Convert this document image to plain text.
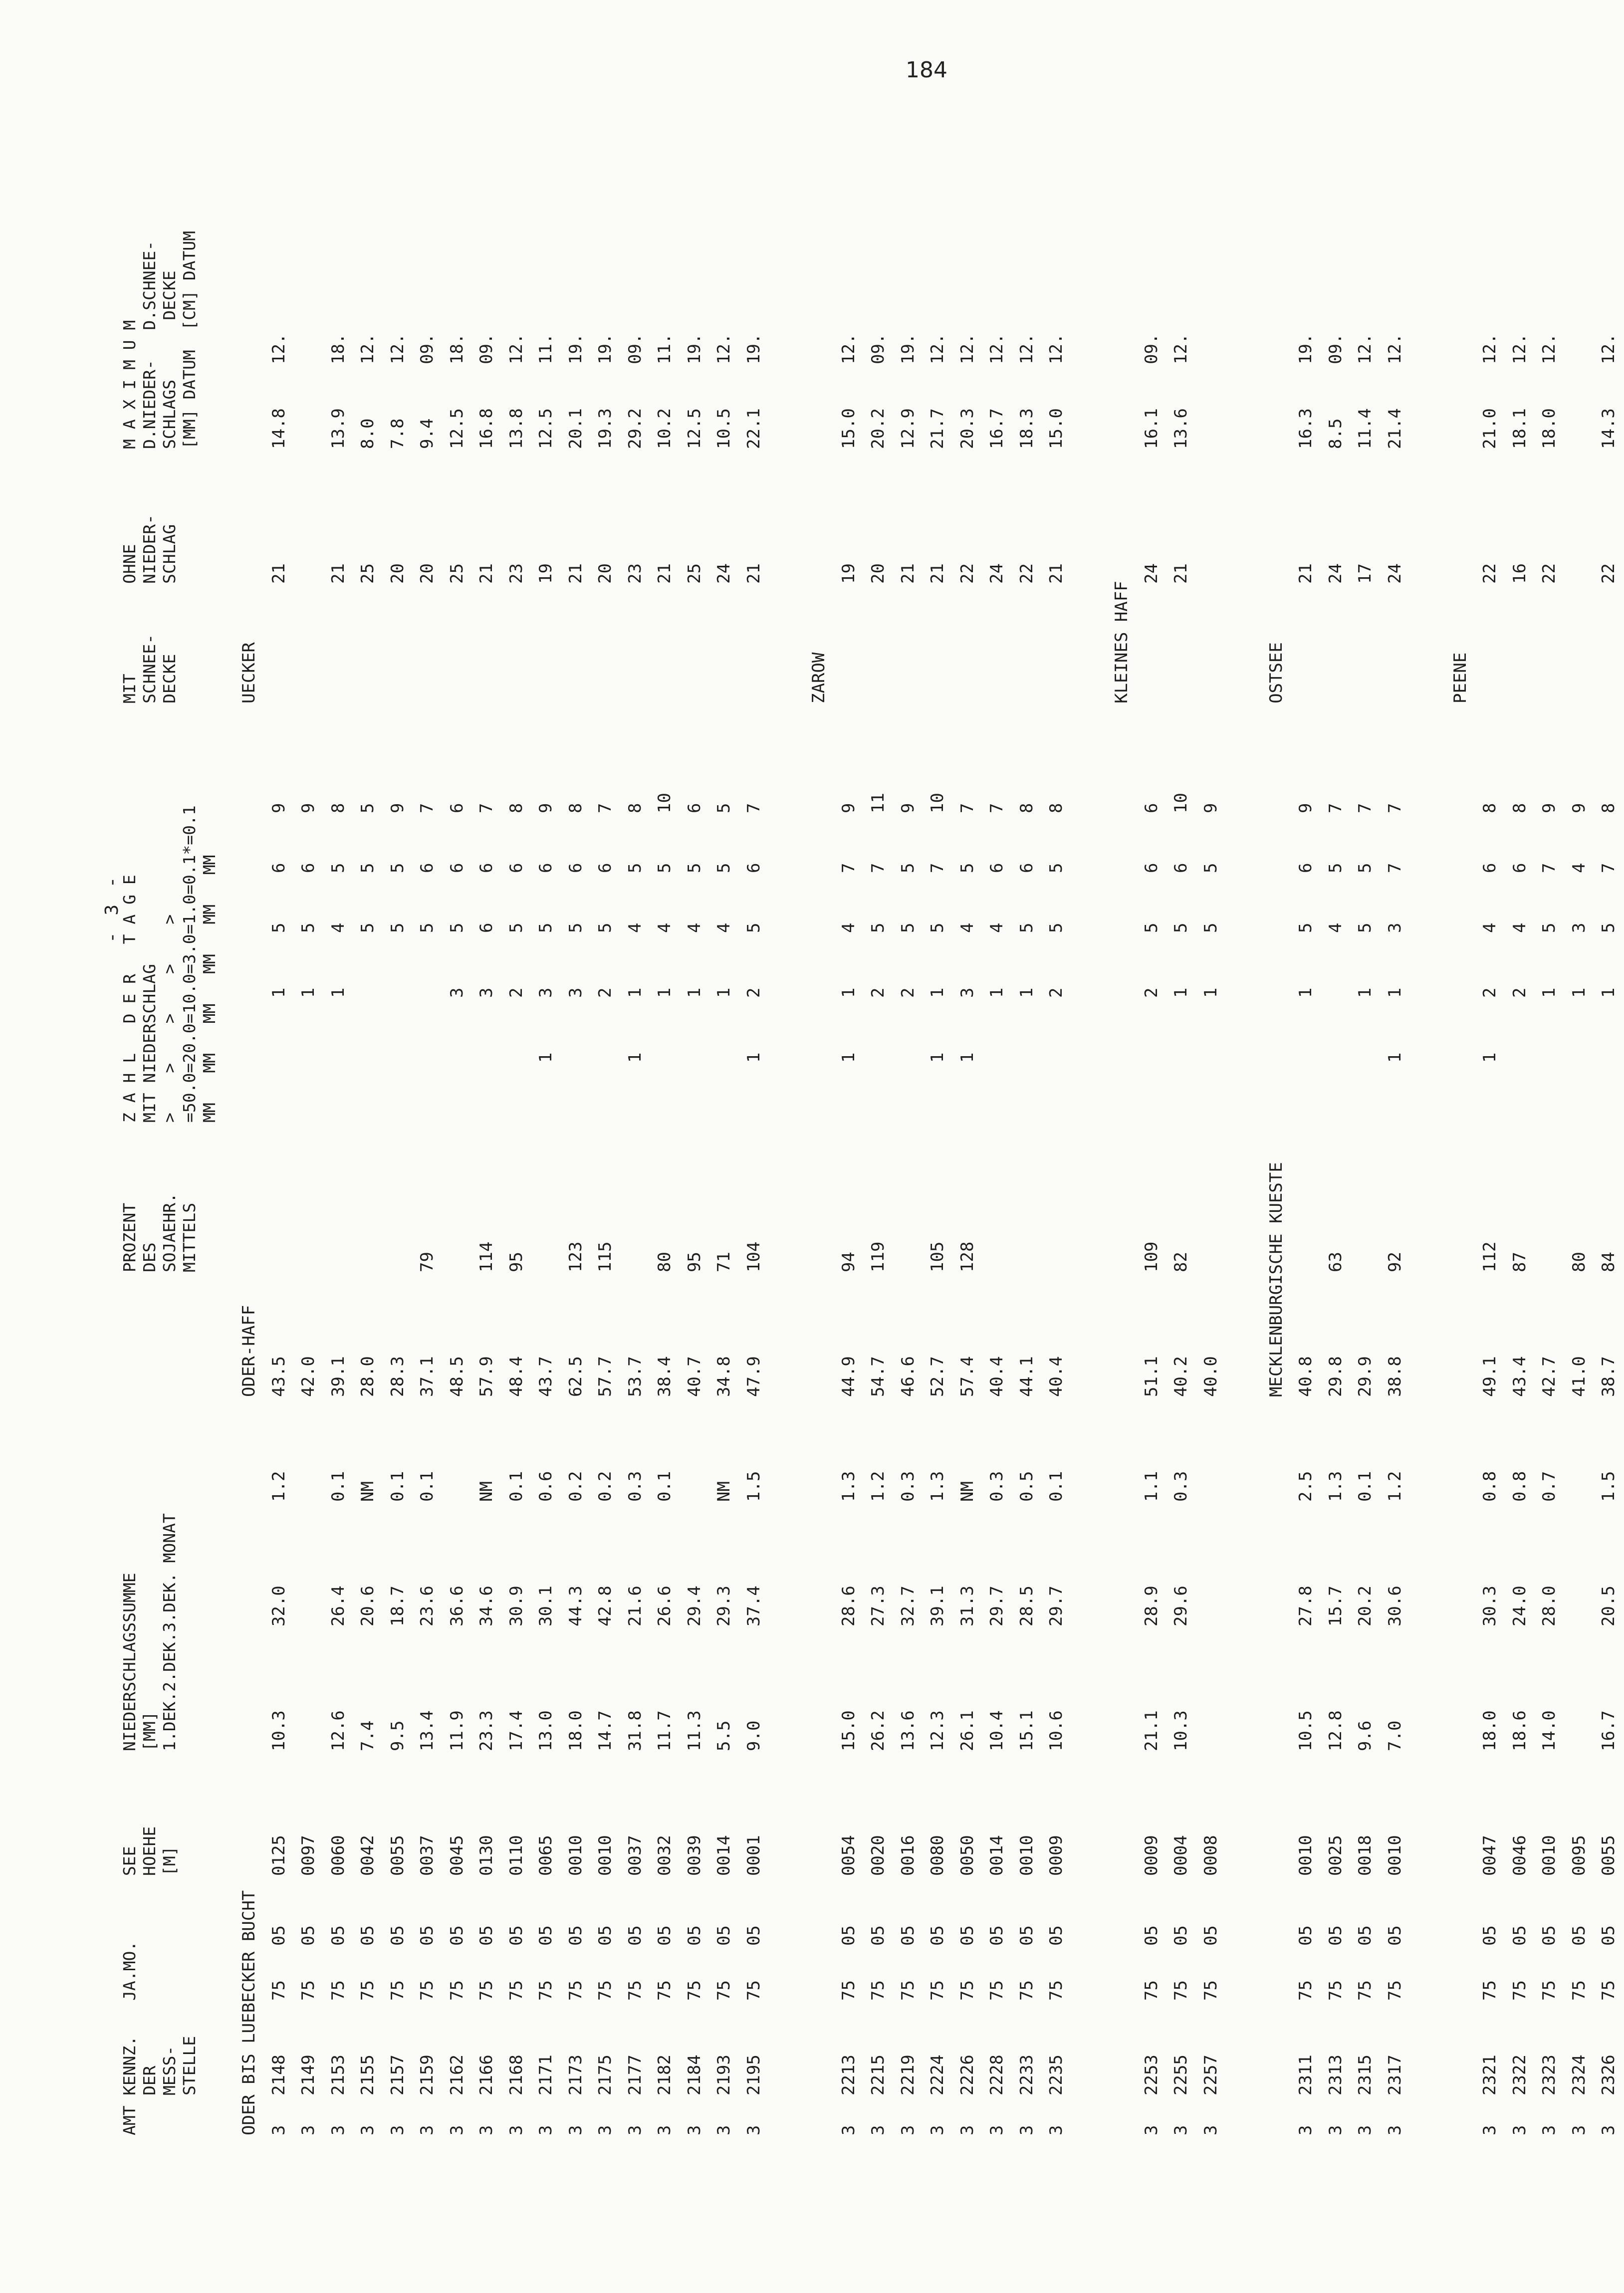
184
- 3 -
AMT
KENNZ.
DER
MESS-
STELLE
JA.MO.
SEE
HOEHE
[M]
NIEDERSCHLAGSSUMME
[MM]
1.DEK.2.DEK.3.DEK. MONAT
PROZENT
DES
SOJAEHR.
MITTELS
Z A H L   D E R   T A G E
MIT NIEDERSCHLAG
>    >    >    >    >
=50.0=20.0=10.0=3.0=1.0=0.1*=0.1
MM   MM   MM   MM   MM   MM
MIT
SCHNEE-
DECKE
OHNE
NIEDER-
SCHLAG
M A X I M U M
D.NIEDER-   D.SCHNEE-
SCHLAGS      DECKE
[MM] DATUM  [CM] DATUM
ODER BIS LUEBECKER BUCHT
ODER-HAFF
UECKER
3
2148
75
05
0125
10.3
32.0
1.2
43.5
1
5
6
9
21
14.8
12.
3
2149
75
05
0097
42.0
1
5
6
9
3
2153
75
05
0060
12.6
26.4
0.1
39.1
1
4
5
8
21
13.9
18.
3
2155
75
05
0042
7.4
20.6
NM
28.0
5
5
5
25
8.0
12.
3
2157
75
05
0055
9.5
18.7
0.1
28.3
5
5
9
20
7.8
12.
3
2159
75
05
0037
13.4
23.6
0.1
37.1
79
5
6
7
20
9.4
09.
3
2162
75
05
0045
11.9
36.6
48.5
3
5
6
6
25
12.5
18.
3
2166
75
05
0130
23.3
34.6
NM
57.9
114
3
6
6
7
21
16.8
09.
3
2168
75
05
0110
17.4
30.9
0.1
48.4
95
2
5
6
8
23
13.8
12.
3
2171
75
05
0065
13.0
30.1
0.6
43.7
1
3
5
6
9
19
12.5
11.
3
2173
75
05
0010
18.0
44.3
0.2
62.5
123
3
5
6
8
21
20.1
19.
3
2175
75
05
0010
14.7
42.8
0.2
57.7
115
2
5
6
7
20
19.3
19.
3
2177
75
05
0037
31.8
21.6
0.3
53.7
1
1
4
5
8
23
29.2
09.
3
2182
75
05
0032
11.7
26.6
0.1
38.4
80
1
4
5
10
21
10.2
11.
3
2184
75
05
0039
11.3
29.4
40.7
95
1
4
5
6
25
12.5
19.
3
2193
75
05
0014
5.5
29.3
NM
34.8
71
1
4
5
5
24
10.5
12.
3
2195
75
05
0001
9.0
37.4
1.5
47.9
104
1
2
5
6
7
21
22.1
19.
ZAROW
3
2213
75
05
0054
15.0
28.6
1.3
44.9
94
1
1
4
7
9
19
15.0
12.
3
2215
75
05
0020
26.2
27.3
1.2
54.7
119
2
5
7
11
20
20.2
09.
3
2219
75
05
0016
13.6
32.7
0.3
46.6
2
5
5
9
21
12.9
19.
3
2224
75
05
0080
12.3
39.1
1.3
52.7
105
1
1
5
7
10
21
21.7
12.
3
2226
75
05
0050
26.1
31.3
NM
57.4
128
1
3
4
5
7
22
20.3
12.
3
2228
75
05
0014
10.4
29.7
0.3
40.4
1
4
6
7
24
16.7
12.
3
2233
75
05
0010
15.1
28.5
0.5
44.1
1
5
6
8
22
18.3
12.
3
2235
75
05
0009
10.6
29.7
0.1
40.4
2
5
5
8
21
15.0
12.
KLEINES HAFF
3
2253
75
05
0009
21.1
28.9
1.1
51.1
109
2
5
6
6
24
16.1
09.
3
2255
75
05
0004
10.3
29.6
0.3
40.2
82
1
5
6
10
21
13.6
12.
3
2257
75
05
0008
40.0
1
5
5
9
MECKLENBURGISCHE KUESTE
OSTSEE
3
2311
75
05
0010
10.5
27.8
2.5
40.8
1
5
6
9
21
16.3
19.
3
2313
75
05
0025
12.8
15.7
1.3
29.8
63
4
5
7
24
8.5
09.
3
2315
75
05
0018
9.6
20.2
0.1
29.9
1
5
5
7
17
11.4
12.
3
2317
75
05
0010
7.0
30.6
1.2
38.8
92
1
1
3
7
7
24
21.4
12.
PEENE
3
2321
75
05
0047
18.0
30.3
0.8
49.1
112
1
2
4
6
8
22
21.0
12.
3
2322
75
05
0046
18.6
24.0
0.8
43.4
87
2
4
6
8
16
18.1
12.
3
2323
75
05
0010
14.0
28.0
0.7
42.7
1
5
7
9
22
18.0
12.
3
2324
75
05
0095
41.0
80
1
3
4
9
3
2326
75
05
0055
16.7
20.5
1.5
38.7
84
1
5
7
8
22
14.3
12.
